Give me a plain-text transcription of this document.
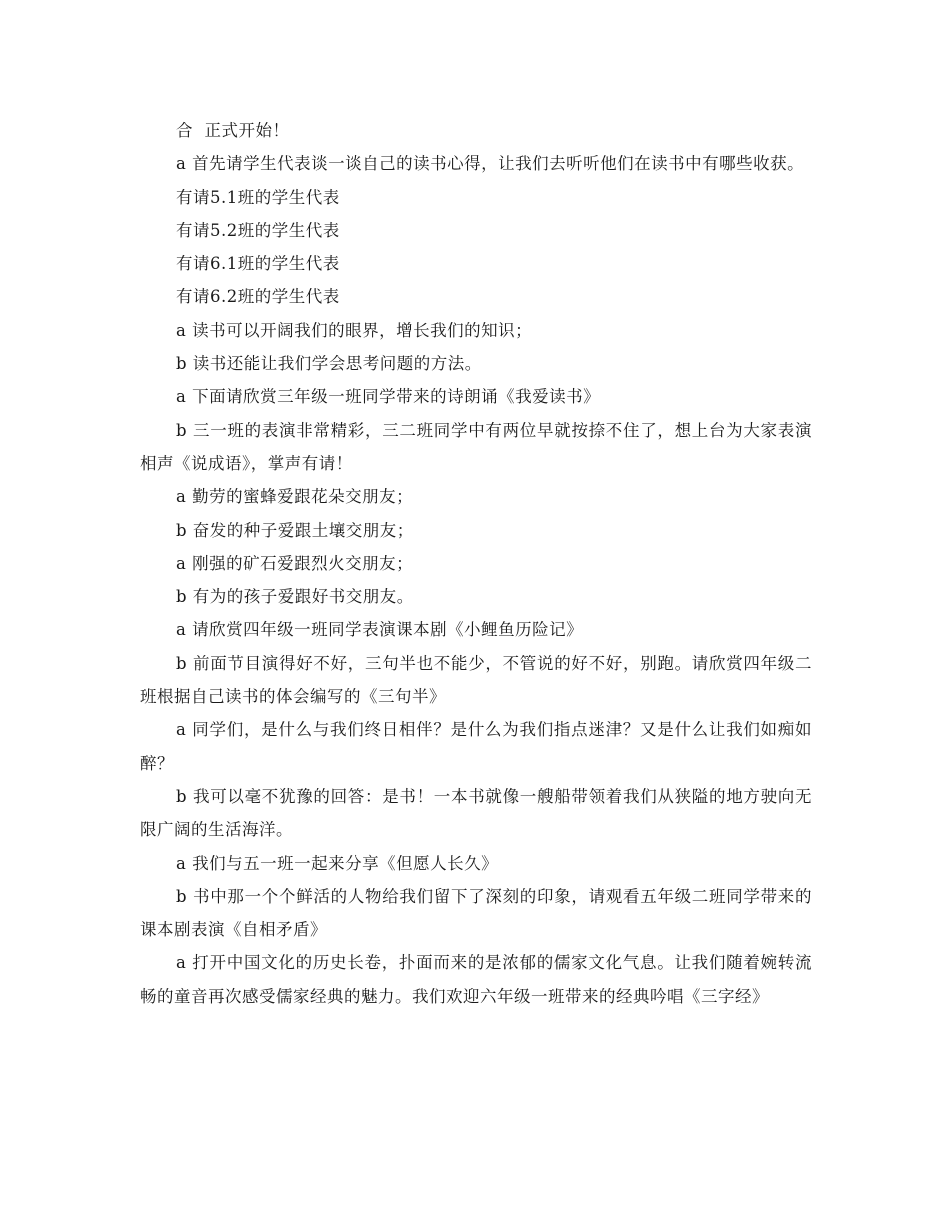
合  正式开始！

a 首先请学生代表谈一谈自己的读书心得，让我们去听听他们在读书中有哪些收获。

有请5.1班的学生代表

有请5.2班的学生代表

有请6.1班的学生代表

有请6.2班的学生代表

a 读书可以开阔我们的眼界，增长我们的知识；

b 读书还能让我们学会思考问题的方法。

a 下面请欣赏三年级一班同学带来的诗朗诵《我爱读书》

b 三一班的表演非常精彩，三二班同学中有两位早就按捺不住了，想上台为大家表演相声《说成语》，掌声有请！

a 勤劳的蜜蜂爱跟花朵交朋友；

b 奋发的种子爱跟土壤交朋友；

a 刚强的矿石爱跟烈火交朋友；

b 有为的孩子爱跟好书交朋友。

a 请欣赏四年级一班同学表演课本剧《小鲤鱼历险记》

b 前面节目演得好不好，三句半也不能少，不管说的好不好，别跑。请欣赏四年级二班根据自己读书的体会编写的《三句半》

a 同学们，是什么与我们终日相伴？是什么为我们指点迷津？又是什么让我们如痴如醉？

b 我可以毫不犹豫的回答：是书！一本书就像一艘船带领着我们从狭隘的地方驶向无限广阔的生活海洋。

a 我们与五一班一起来分享《但愿人长久》

b 书中那一个个鲜活的人物给我们留下了深刻的印象，请观看五年级二班同学带来的课本剧表演《自相矛盾》

a 打开中国文化的历史长卷，扑面而来的是浓郁的儒家文化气息。让我们随着婉转流畅的童音再次感受儒家经典的魅力。我们欢迎六年级一班带来的经典吟唱《三字经》
